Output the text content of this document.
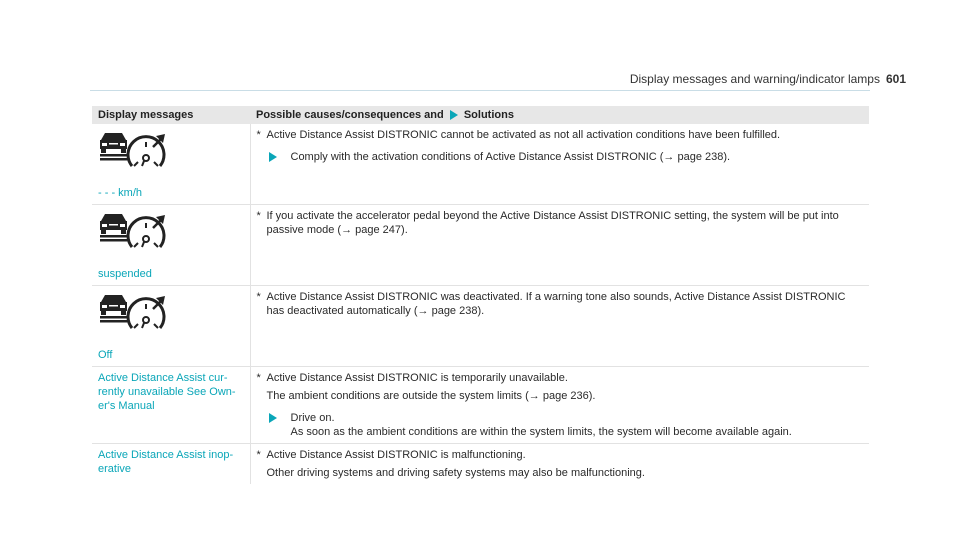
Display messages and warning/indicator lamps 601
Display messages	Possible causes/consequences and Solutions

- - - km/h	* Active Distance Assist DISTRONIC cannot be activated as not all activation conditions have been fulfilled.
Comply with the activation conditions of Active Distance Assist DISTRONIC (→ page 238).

suspended	* If you activate the accelerator pedal beyond the Active Distance Assist DISTRONIC setting, the system will be put into passive mode (→ page 247).

Off	* Active Distance Assist DISTRONIC was deactivated. If a warning tone also sounds, Active Distance Assist DISTRONIC has deactivated automatically (→ page 238).

Active Distance Assist cur-rently unavailable See Own-er's Manual	* Active Distance Assist DISTRONIC is temporarily unavailable.
The ambient conditions are outside the system limits (→ page 236).
Drive on.
As soon as the ambient conditions are within the system limits, the system will become available again.

Active Distance Assist inop-erative	* Active Distance Assist DISTRONIC is malfunctioning.
Other driving systems and driving safety systems may also be malfunctioning.
